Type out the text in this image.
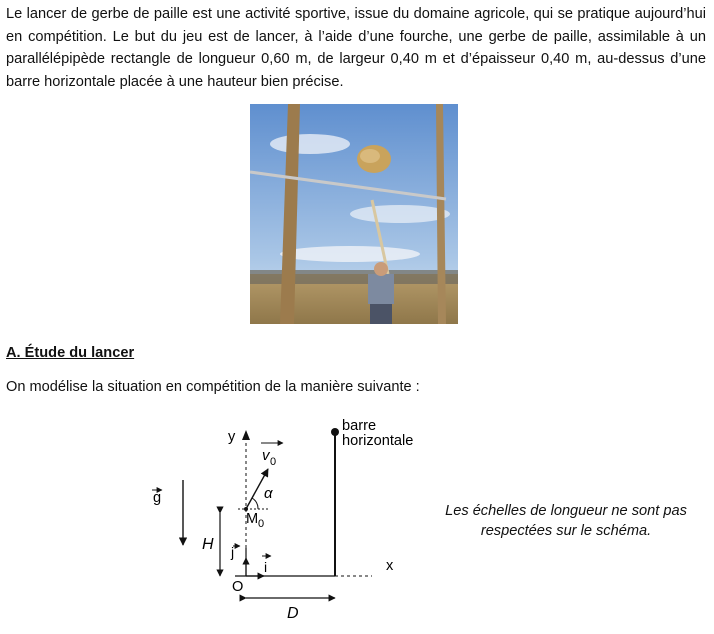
Le lancer de gerbe de paille est une activité sportive, issue du domaine agricole, qui se pratique aujourd’hui en compétition. Le but du jeu est de lancer, à l’aide d’une fourche, une gerbe de paille, assimilable à un parallélépipède rectangle de longueur 0,60 m, de largeur 0,40 m et d’épaisseur 0,40 m, au-dessus d’une barre horizontale placée à une hauteur bien précise.
A. Étude du lancer
On modélise la situation en compétition de la manière suivante :
barre
horizontale
x
y
j
i
O
H
α
v 0
M 0
g
D
Les échelles de longueur ne sont pas respectées sur le schéma.
